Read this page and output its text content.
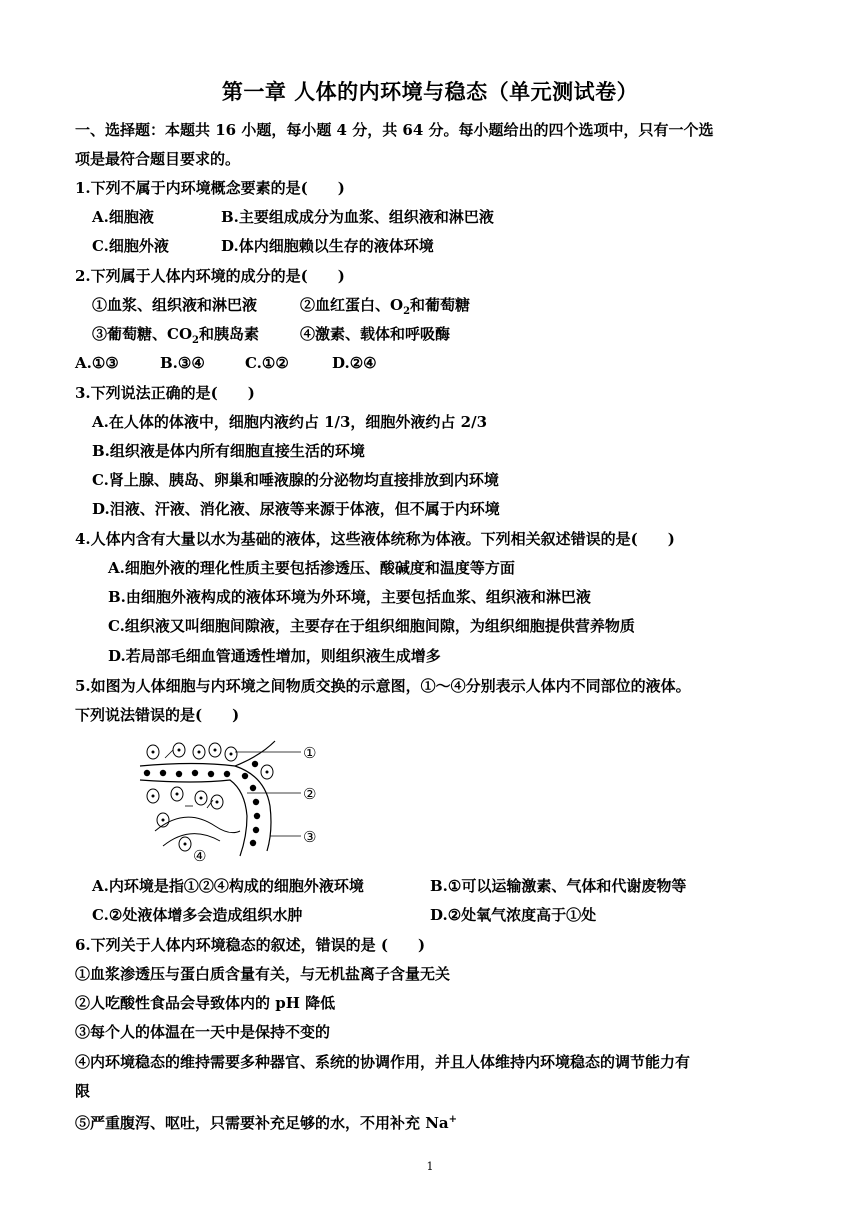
第一章 人体的内环境与稳态（单元测试卷）
一、选择题：本题共 16 小题，每小题 4 分，共 64 分。每小题给出的四个选项中，只有一个选
项是最符合题目要求的。
1.下列不属于内环境概念要素的是(　　)
A.细胞液	B.主要组成成分为血浆、组织液和淋巴液
C.细胞外液	D.体内细胞赖以生存的液体环境
2.下列属于人体内环境的成分的是(　　)
①血浆、组织液和淋巴液	②血红蛋白、$O_2$和葡萄糖
③葡萄糖、$CO_2$和胰岛素	④激素、载体和呼吸酶
A.①③	B.③④	C.①②	D.②④
3.下列说法正确的是(　　)
A.在人体的体液中，细胞内液约占 1/3，细胞外液约占 2/3
B.组织液是体内所有细胞直接生活的环境
C.肾上腺、胰岛、卵巢和唾液腺的分泌物均直接排放到内环境
D.泪液、汗液、消化液、尿液等来源于体液，但不属于内环境
4.人体内含有大量以水为基础的液体，这些液体统称为体液。下列相关叙述错误的是(　　)
A.细胞外液的理化性质主要包括渗透压、酸碱度和温度等方面
B.由细胞外液构成的液体环境为外环境，主要包括血浆、组织液和淋巴液
C.组织液又叫细胞间隙液，主要存在于组织细胞间隙，为组织细胞提供营养物质
D.若局部毛细血管通透性增加，则组织液生成增多
5.如图为人体细胞与内环境之间物质交换的示意图，①～④分别表示人体内不同部位的液体。
下列说法错误的是(　　)
①
②
③
④
A.内环境是指①②④构成的细胞外液环境	B.①可以运输激素、气体和代谢废物等
C.②处液体增多会造成组织水肿	D.②处氧气浓度高于①处
6.下列关于人体内环境稳态的叙述，错误的是 (　　)
①血浆渗透压与蛋白质含量有关，与无机盐离子含量无关
②人吃酸性食品会导致体内的 pH 降低
③每个人的体温在一天中是保持不变的
④内环境稳态的维持需要多种器官、系统的协调作用，并且人体维持内环境稳态的调节能力有
限
⑤严重腹泻、呕吐，只需要补充足够的水，不用补充 Na+
1
